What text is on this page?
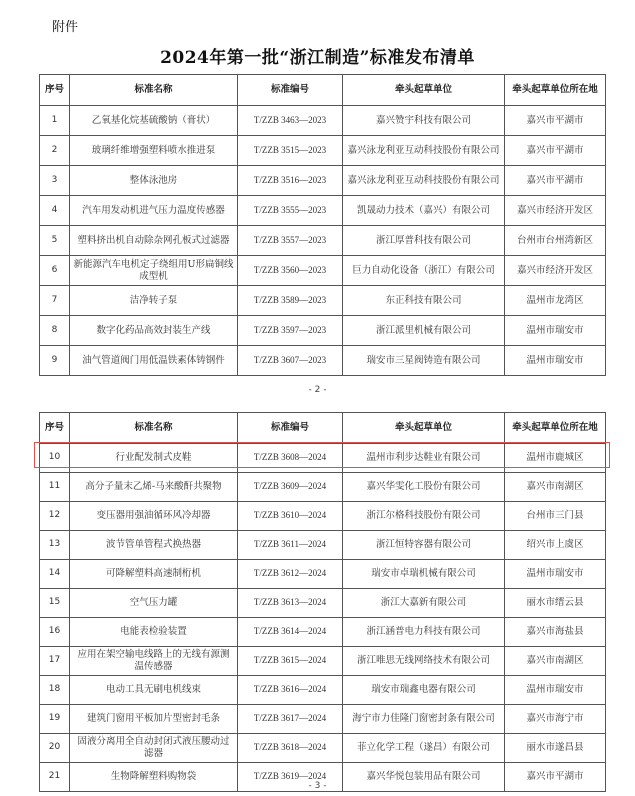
附件
2024年第一批“浙江制造”标准发布清单
序号	标准名称	标准编号	牵头起草单位	牵头起草单位所在地
1	乙氧基化烷基硫酸钠（膏状）	T/ZZB 3463—2023	嘉兴赞宇科技有限公司	嘉兴市平湖市
2	玻璃纤维增强塑料喷水推进泵	T/ZZB 3515—2023	嘉兴泳龙利亚互动科技股份有限公司	嘉兴市平湖市
3	整体泳池房	T/ZZB 3516—2023	嘉兴泳龙利亚互动科技股份有限公司	嘉兴市平湖市
4	汽车用发动机进气压力温度传感器	T/ZZB 3555—2023	凯晟动力技术（嘉兴）有限公司	嘉兴市经济开发区
5	塑料挤出机自动除杂网孔板式过滤器	T/ZZB 3557—2023	浙江厚普科技有限公司	台州市台州湾新区
6	新能源汽车电机定子绕组用U形扁铜线成型机	T/ZZB 3560—2023	巨力自动化设备（浙江）有限公司	嘉兴市经济开发区
7	洁净转子泵	T/ZZB 3589—2023	东正科技有限公司	温州市龙湾区
8	数字化药品高效封装生产线	T/ZZB 3597—2023	浙江派里机械有限公司	温州市瑞安市
9	油气管道阀门用低温铁素体铸钢件	T/ZZB 3607—2023	瑞安市三星阀铸造有限公司	温州市瑞安市
- 2 -
序号	标准名称	标准编号	牵头起草单位	牵头起草单位所在地
10	行业配发制式皮鞋	T/ZZB 3608—2024	温州市利步达鞋业有限公司	温州市鹿城区
11	高分子量末乙烯-马来酸酐共聚物	T/ZZB 3609—2024	嘉兴华雯化工股份有限公司	嘉兴市南湖区
12	变压器用强油循环风冷却器	T/ZZB 3610—2024	浙江尔格科技股份有限公司	台州市三门县
13	波节管单管程式换热器	T/ZZB 3611—2024	浙江恒特容器有限公司	绍兴市上虞区
14	可降解塑料高速制桁机	T/ZZB 3612—2024	瑞安市卓瑞机械有限公司	温州市瑞安市
15	空气压力罐	T/ZZB 3613—2024	浙江大嘉新有限公司	丽水市缙云县
16	电能表检验装置	T/ZZB 3614—2024	浙江涵普电力科技有限公司	嘉兴市海盐县
17	应用在架空输电线路上的无线有源测温传感器	T/ZZB 3615—2024	浙江唯思无线网络技术有限公司	嘉兴市南湖区
18	电动工具无刷电机线束	T/ZZB 3616—2024	瑞安市瑞鑫电器有限公司	温州市瑞安市
19	建筑门窗用平板加片型密封毛条	T/ZZB 3617—2024	海宁市力佳隆门窗密封条有限公司	嘉兴市海宁市
20	固液分离用全自动封闭式液压腰动过滤器	T/ZZB 3618—2024	菲立化学工程（遂昌）有限公司	丽水市遂昌县
21	生物降解塑料购物袋	T/ZZB 3619—2024	嘉兴华悦包装用品有限公司	嘉兴市平湖市
- 3 -
